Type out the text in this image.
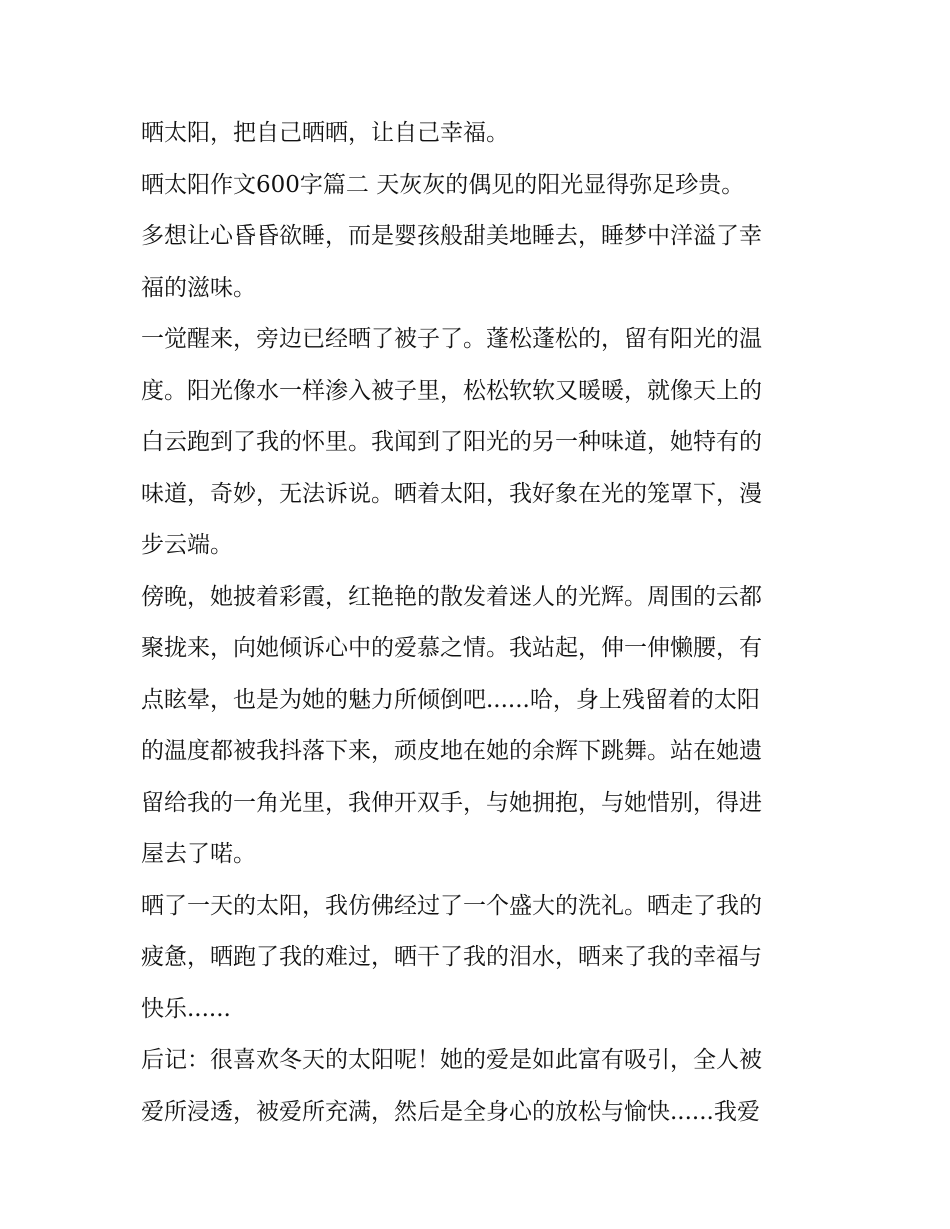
晒太阳，把自己晒晒，让自己幸福。

晒太阳作文600字篇二 天灰灰的偶见的阳光显得弥足珍贵。

多想让心昏昏欲睡，而是婴孩般甜美地睡去，睡梦中洋溢了幸
福的滋味。

一觉醒来，旁边已经晒了被子了。蓬松蓬松的，留有阳光的温
度。阳光像水一样渗入被子里，松松软软又暖暖，就像天上的
白云跑到了我的怀里。我闻到了阳光的另一种味道，她特有的
味道，奇妙，无法诉说。晒着太阳，我好象在光的笼罩下，漫
步云端。

傍晚，她披着彩霞，红艳艳的散发着迷人的光辉。周围的云都
聚拢来，向她倾诉心中的爱慕之情。我站起，伸一伸懒腰，有
点眩晕，也是为她的魅力所倾倒吧......哈，身上残留着的太阳
的温度都被我抖落下来，顽皮地在她的余辉下跳舞。站在她遗
留给我的一角光里，我伸开双手，与她拥抱，与她惜别，得进
屋去了喏。

晒了一天的太阳，我仿佛经过了一个盛大的洗礼。晒走了我的
疲惫，晒跑了我的难过，晒干了我的泪水，晒来了我的幸福与
快乐......

后记：很喜欢冬天的太阳呢！她的爱是如此富有吸引，全人被
爱所浸透，被爱所充满，然后是全身心的放松与愉快......我爱
